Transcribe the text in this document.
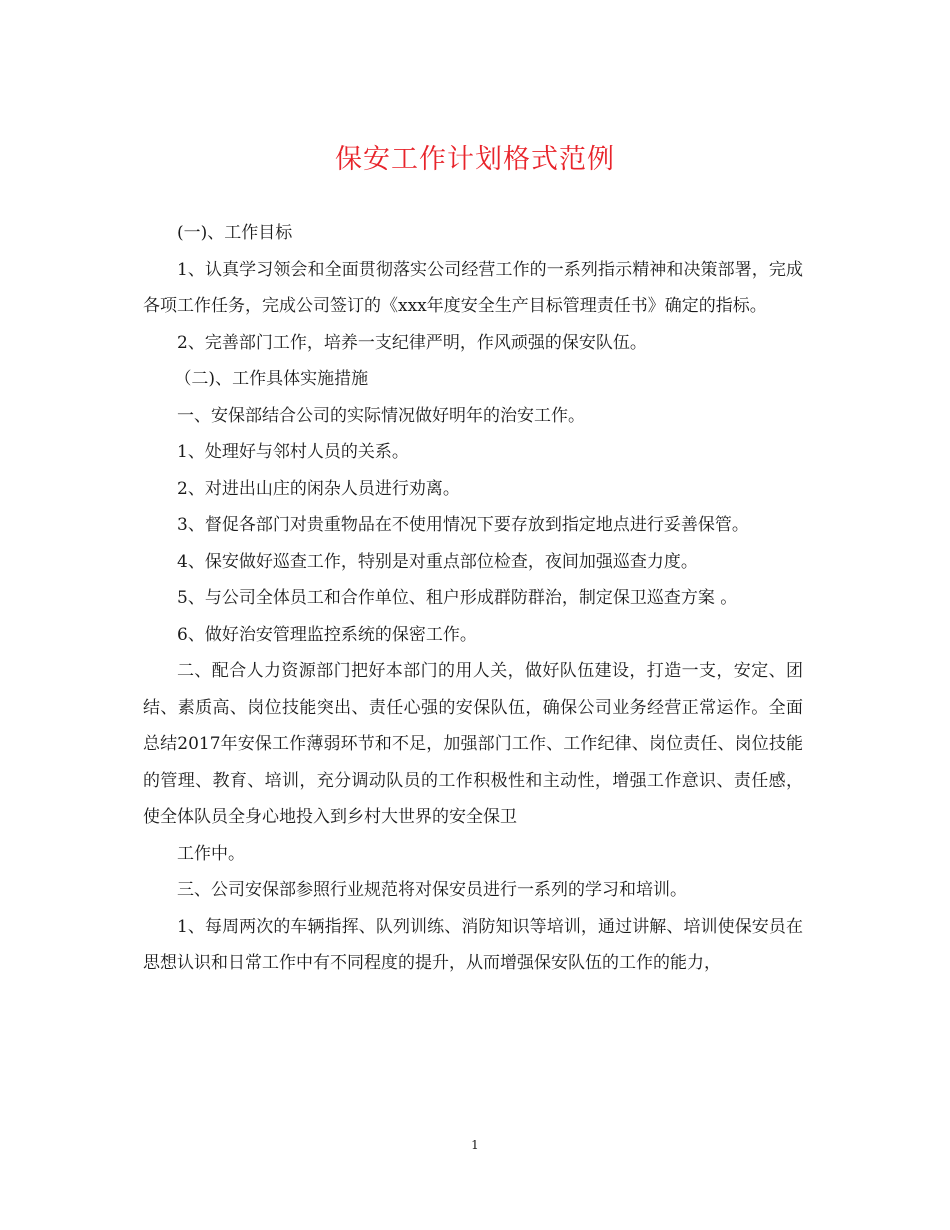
保安工作计划格式范例

(一)、工作目标

1、认真学习领会和全面贯彻落实公司经营工作的一系列指示精神和决策部署，完成各项工作任务，完成公司签订的《xxx年度安全生产目标管理责任书》确定的指标。

2、完善部门工作，培养一支纪律严明，作风顽强的保安队伍。

（二)、工作具体实施措施

一、安保部结合公司的实际情况做好明年的治安工作。

1、处理好与邻村人员的关系。

2、对进出山庄的闲杂人员进行劝离。

3、督促各部门对贵重物品在不使用情况下要存放到指定地点进行妥善保管。

4、保安做好巡查工作，特别是对重点部位检查，夜间加强巡查力度。

5、与公司全体员工和合作单位、租户形成群防群治，制定保卫巡查方案 。

6、做好治安管理监控系统的保密工作。

二、配合人力资源部门把好本部门的用人关，做好队伍建设，打造一支，安定、团结、素质高、岗位技能突出、责任心强的安保队伍，确保公司业务经营正常运作。全面总结2017年安保工作薄弱环节和不足，加强部门工作、工作纪律、岗位责任、岗位技能的管理、教育、培训，充分调动队员的工作积极性和主动性，增强工作意识、责任感，使全体队员全身心地投入到乡村大世界的安全保卫

工作中。

三、公司安保部参照行业规范将对保安员进行一系列的学习和培训。

1、每周两次的车辆指挥、队列训练、消防知识等培训，通过讲解、培训使保安员在思想认识和日常工作中有不同程度的提升，从而增强保安队伍的工作的能力，

1
